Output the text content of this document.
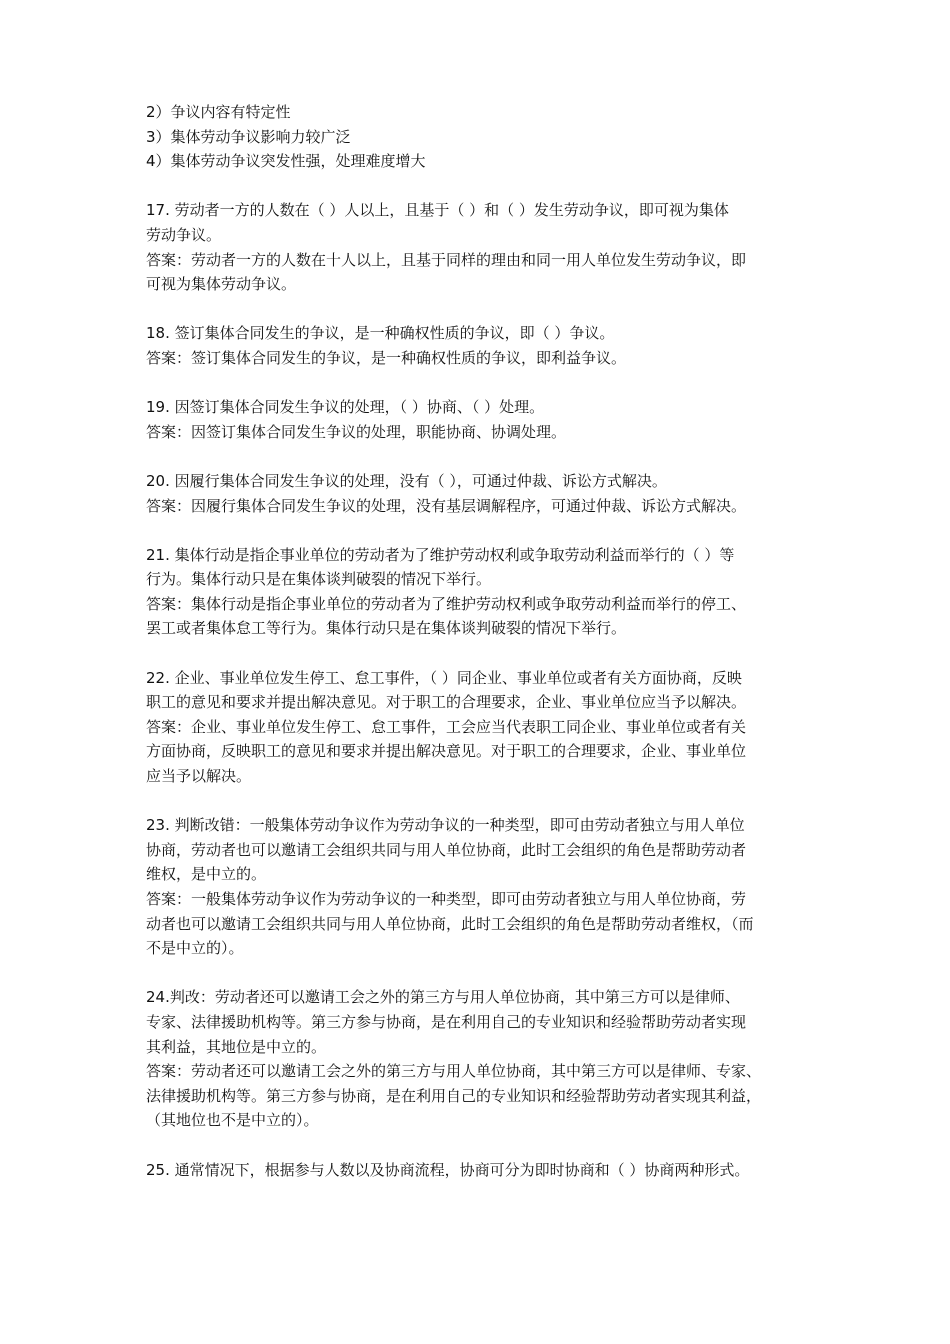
2）争议内容有特定性
3）集体劳动争议影响力较广泛
4）集体劳动争议突发性强，处理难度增大
17. 劳动者一方的人数在（ ）人以上，且基于（ ）和（ ）发生劳动争议，即可视为集体
劳动争议。
答案：劳动者一方的人数在十人以上，且基于同样的理由和同一用人单位发生劳动争议，即
可视为集体劳动争议。
18. 签订集体合同发生的争议，是一种确权性质的争议，即（ ）争议。
答案：签订集体合同发生的争议，是一种确权性质的争议，即利益争议。
19. 因签订集体合同发生争议的处理，（ ）协商、（ ）处理。
答案：因签订集体合同发生争议的处理，职能协商、协调处理。
20. 因履行集体合同发生争议的处理，没有（ ），可通过仲裁、诉讼方式解决。
答案：因履行集体合同发生争议的处理，没有基层调解程序，可通过仲裁、诉讼方式解决。
21. 集体行动是指企事业单位的劳动者为了维护劳动权利或争取劳动利益而举行的（ ）等
行为。集体行动只是在集体谈判破裂的情况下举行。
答案：集体行动是指企事业单位的劳动者为了维护劳动权利或争取劳动利益而举行的停工、
罢工或者集体怠工等行为。集体行动只是在集体谈判破裂的情况下举行。
22. 企业、事业单位发生停工、怠工事件，（ ）同企业、事业单位或者有关方面协商，反映
职工的意见和要求并提出解决意见。对于职工的合理要求，企业、事业单位应当予以解决。
答案：企业、事业单位发生停工、怠工事件，工会应当代表职工同企业、事业单位或者有关
方面协商，反映职工的意见和要求并提出解决意见。对于职工的合理要求，企业、事业单位
应当予以解决。
23. 判断改错：一般集体劳动争议作为劳动争议的一种类型，即可由劳动者独立与用人单位
协商，劳动者也可以邀请工会组织共同与用人单位协商，此时工会组织的角色是帮助劳动者
维权，是中立的。
答案：一般集体劳动争议作为劳动争议的一种类型，即可由劳动者独立与用人单位协商，劳
动者也可以邀请工会组织共同与用人单位协商，此时工会组织的角色是帮助劳动者维权，（而
不是中立的）。
24.判改：劳动者还可以邀请工会之外的第三方与用人单位协商，其中第三方可以是律师、
专家、法律援助机构等。第三方参与协商，是在利用自己的专业知识和经验帮助劳动者实现
其利益，其地位是中立的。
答案：劳动者还可以邀请工会之外的第三方与用人单位协商，其中第三方可以是律师、专家、
法律援助机构等。第三方参与协商，是在利用自己的专业知识和经验帮助劳动者实现其利益，
（其地位也不是中立的）。
25. 通常情况下，根据参与人数以及协商流程，协商可分为即时协商和（ ）协商两种形式。
